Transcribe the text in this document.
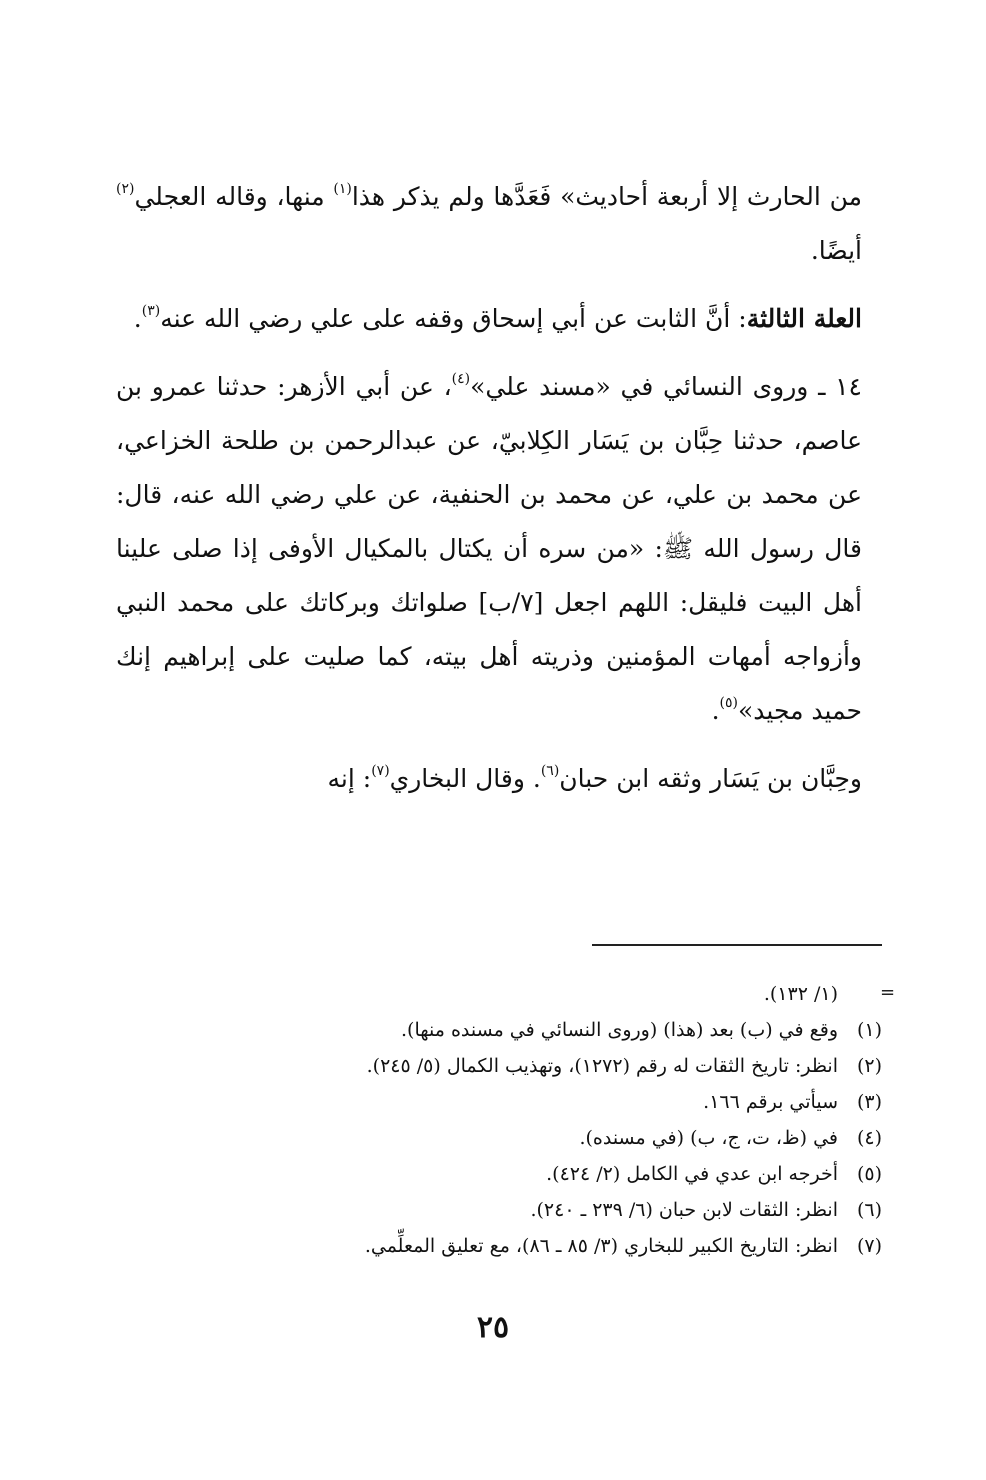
من الحارث إلا أربعة أحاديث» فَعَدَّها ولم يذكر هذا$^{(١)}$ منها، وقاله العجلي$^{(٢)}$ أيضًا.

العلة الثالثة: أنَّ الثابت عن أبي إسحاق وقفه على علي رضي الله عنه$^{(٣)}$.

١٤ ـ وروى النسائي في «مسند علي»$^{(٤)}$، عن أبي الأزهر: حدثنا عمرو بن عاصم، حدثنا حِبَّان بن يَسَار الكِلابيّ، عن عبدالرحمن بن طلحة الخزاعي، عن محمد بن علي، عن محمد بن الحنفية، عن علي رضي الله عنه، قال: قال رسول الله ﷺ: «من سره أن يكتال بالمكيال الأوفى إذا صلى علينا أهل البيت فليقل: اللهم اجعل [٧/ب] صلواتك وبركاتك على محمد النبي وأزواجه أمهات المؤمنين وذريته أهل بيته، كما صليت على إبراهيم إنك حميد مجيد»$^{(٥)}$.

وحِبَّان بن يَسَار وثقه ابن حبان$^{(٦)}$. وقال البخاري$^{(٧)}$: إنه

=
(١/ ١٣٢).
(١)وقع في (ب) بعد (هذا) (وروى النسائي في مسنده منها).
(٢)انظر: تاريخ الثقات له رقم (١٢٧٢)، وتهذيب الكمال (٥/ ٢٤٥).
(٣)سيأتي برقم ١٦٦.
(٤)في (ظ، ت، ج، ب) (في مسنده).
(٥)أخرجه ابن عدي في الكامل (٢/ ٤٢٤).
(٦)انظر: الثقات لابن حبان (٦/ ٢٣٩ ـ ٢٤٠).
(٧)انظر: التاريخ الكبير للبخاري (٣/ ٨٥ ـ ٨٦)، مع تعليق المعلِّمي.
٢٥
